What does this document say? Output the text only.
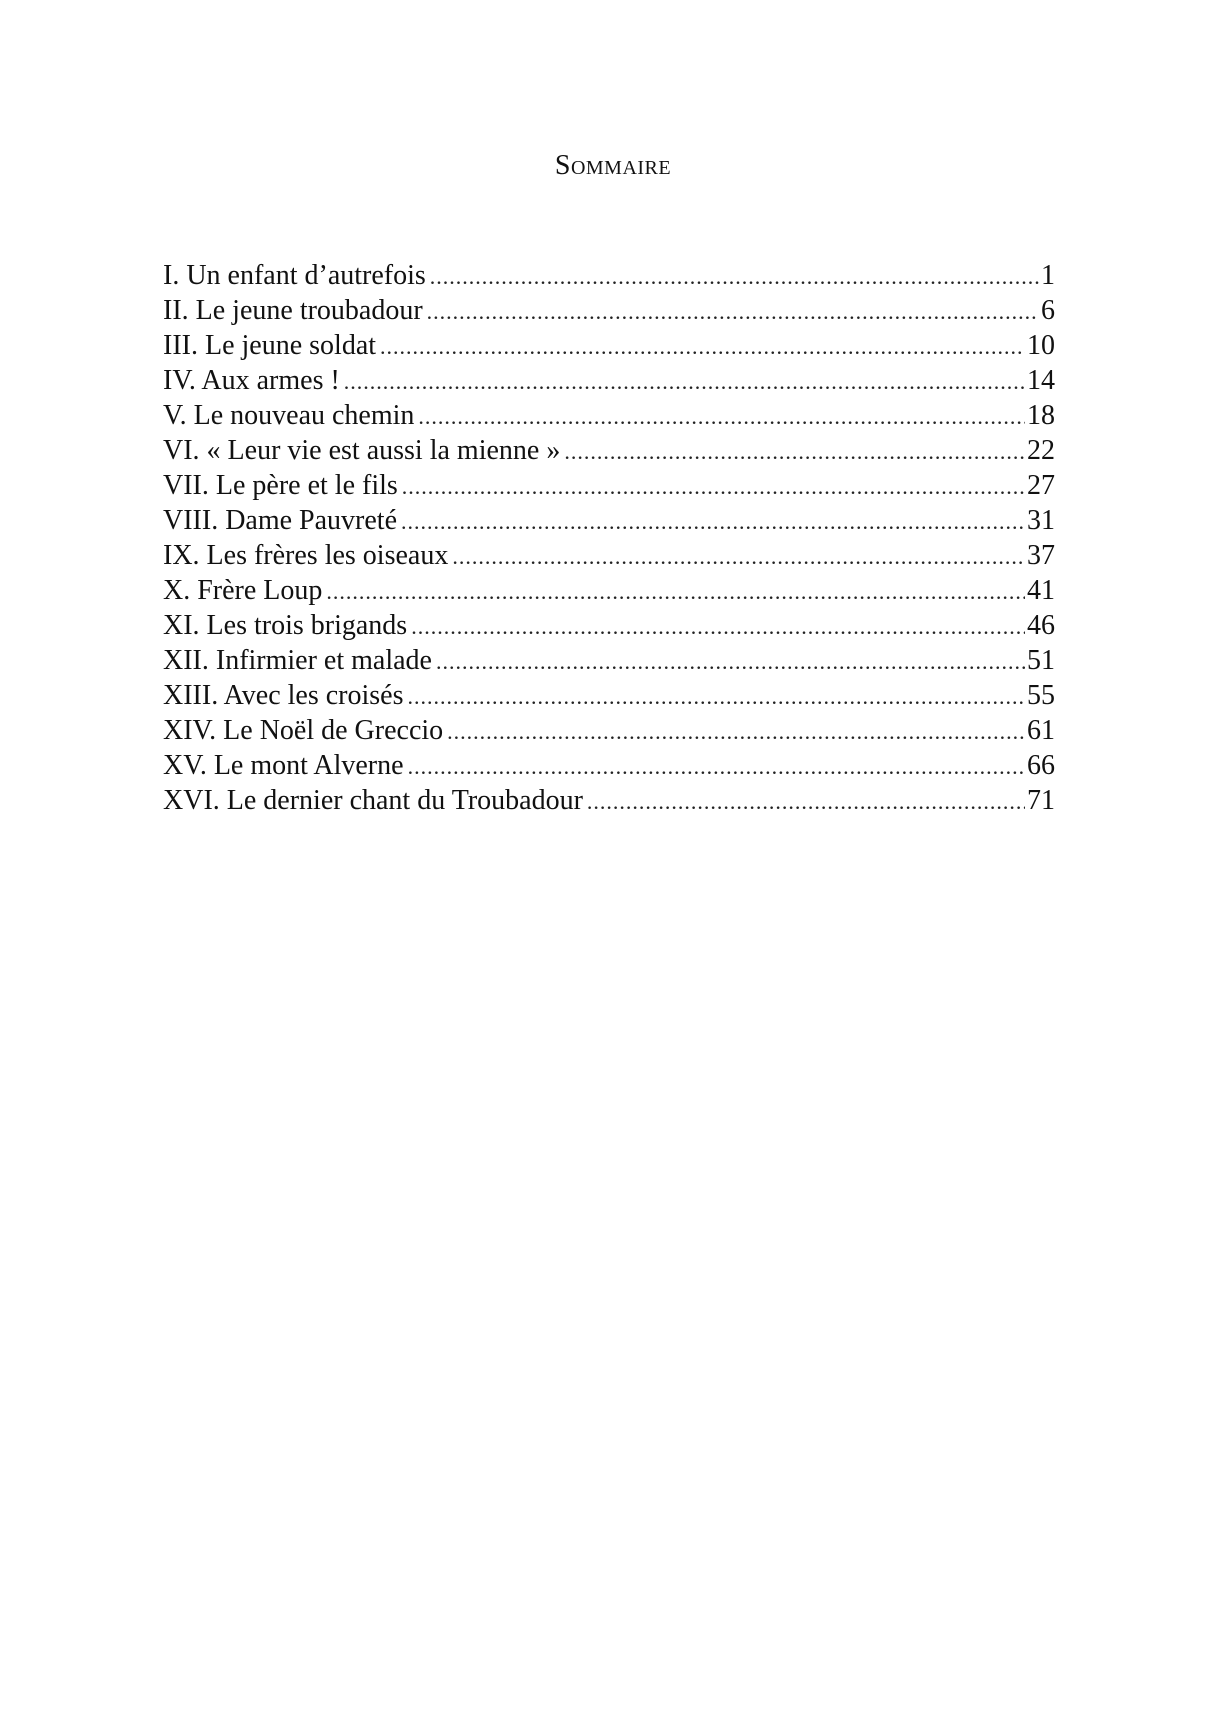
Sommaire
I. Un enfant d’autrefois .....	1
II. Le jeune troubadour .....	6
III. Le jeune soldat .....	10
IV. Aux armes ! .....	14
V. Le nouveau chemin .....	18
VI. « Leur vie est aussi la mienne » .....	22
VII. Le père et le fils .....	27
VIII. Dame Pauvreté .....	31
IX. Les frères les oiseaux .....	37
X. Frère Loup .....	41
XI. Les trois brigands .....	46
XII. Infirmier et malade .....	51
XIII. Avec les croisés .....	55
XIV. Le Noël de Greccio .....	61
XV. Le mont Alverne .....	66
XVI. Le dernier chant du Troubadour .....	71
